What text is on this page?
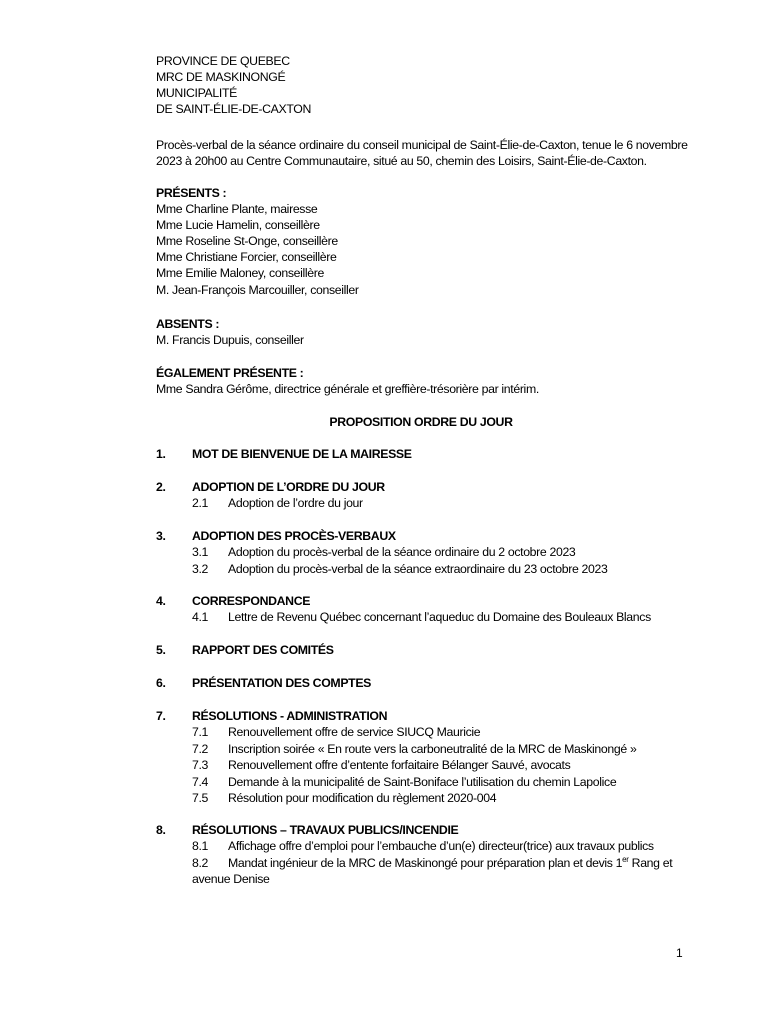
PROVINCE DE QUEBEC
MRC DE MASKINONGÉ
MUNICIPALITÉ
DE SAINT-ÉLIE-DE-CAXTON
Procès-verbal de la séance ordinaire du conseil municipal de Saint-Élie-de-Caxton, tenue le 6 novembre
2023 à 20h00 au Centre Communautaire, situé au 50, chemin des Loisirs, Saint-Élie-de-Caxton.
PRÉSENTS :
Mme Charline Plante, mairesse
Mme Lucie Hamelin, conseillère
Mme Roseline St-Onge, conseillère
Mme Christiane Forcier, conseillère
Mme Emilie Maloney, conseillère
M. Jean-François Marcouiller, conseiller
ABSENTS :
M. Francis Dupuis, conseiller
ÉGALEMENT PRÉSENTE :
Mme Sandra Gérôme, directrice générale et greffière-trésorière par intérim.
PROPOSITION ORDRE DU JOUR
1. MOT DE BIENVENUE DE LA MAIRESSE
2. ADOPTION DE L’ORDRE DU JOUR
2.1 Adoption de l’ordre du jour
3. ADOPTION DES PROCÈS-VERBAUX
3.1 Adoption du procès-verbal de la séance ordinaire du 2 octobre 2023
3.2 Adoption du procès-verbal de la séance extraordinaire du 23 octobre 2023
4. CORRESPONDANCE
4.1 Lettre de Revenu Québec concernant l’aqueduc du Domaine des Bouleaux Blancs
5. RAPPORT DES COMITÉS
6. PRÉSENTATION DES COMPTES
7. RÉSOLUTIONS - ADMINISTRATION
7.1 Renouvellement offre de service SIUCQ Mauricie
7.2 Inscription soirée « En route vers la carboneutralité de la MRC de Maskinongé »
7.3 Renouvellement offre d’entente forfaitaire Bélanger Sauvé, avocats
7.4 Demande à la municipalité de Saint-Boniface l’utilisation du chemin Lapolice
7.5 Résolution pour modification du règlement 2020-004
8. RÉSOLUTIONS – TRAVAUX PUBLICS/INCENDIE
8.1 Affichage offre d’emploi pour l’embauche d’un(e) directeur(trice) aux travaux publics
8.2 Mandat ingénieur de la MRC de Maskinongé pour préparation plan et devis 1er Rang et
avenue Denise
1
